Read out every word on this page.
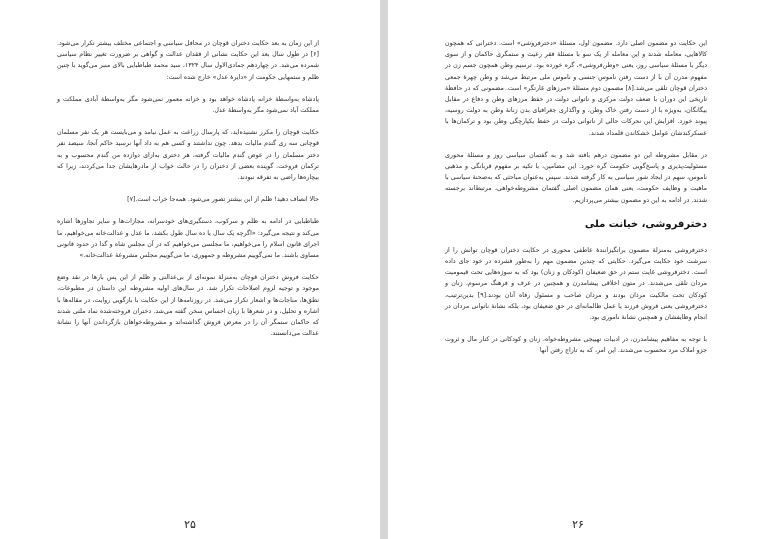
از این زمان به بعد حکایت دختران قوچان در محافل سیاسی و اجتماعی مختلف بیشتر تکرار می‌شود.[۶] در طول سال بعد این حکایت نشانی از فقدان عدالت و گواهی بر ضرورت تغییر نظام سیاسی شمرده می‌شد. در چهاردهم جمادی‌الاول سال ۱۳۲۴، سید محمد طباطبایی بالای منبر می‌گوید با چنین ظلم و ستمهایی حکومت از «دایرهٔ عدل» خارج شده است:

پادشاه به‌واسطهٔ خزانه پادشاه خواهد بود و خزانه معمور نمی‌شود مگر به‌واسطهٔ آبادی مملکت و مملکت آباد نمی‌شود مگر به‌واسطهٔ عدل.

حکایت قوچان را مکرر نشنیده‌اید، که پارسال زراعت به عمل نیامد و می‌بایست هر یک نفر مسلمان قوچانی سه ری گندم مالیات بدهد. چون نداشتند و کسی هم به داد آنها نرسید حاکم آنجا، سیصد نفر دختر مسلمان را در عوض گندم مالیات گرفته، هر دختری به‌ازای دوازده من گندم محسوب و به ترکمان فروخت. گوینده بعضی از دختران را در حالت خواب از مادرهایشان جدا می‌کردند، زیرا که بیچاره‌ها راضی به تفرقه نبودند.

حالا انصاف دهید! ظلم از این بیشتر تصور می‌شود. همه‌جا خراب است.[۷]

طباطبایی در ادامه به ظلم و سرکوب، دستگیری‌های خودسرانه، مجازات‌ها و سایر تجاوزها اشاره می‌کند و نتیجه می‌گیرد: «اگرچه یک سال یا ده سال طول بکشد، ما عدل و عدالت‌خانه می‌خواهیم، ما اجرای قانون اسلام را می‌خواهیم، ما مجلسی می‌خواهیم که در آن مجلس شاه و گدا در حدود قانونی مساوی باشند. ما نمی‌گوییم مشروطه و جمهوری، ما می‌گوییم مجلس مشروعهٔ عدالت‌خانه.»

حکایت فروش دختران قوچان به‌منزلهٔ نمونه‌ای از بی‌عدالتی و ظلم از این پس بارها در نقد وضع موجود و توجیه لزوم اصلاحات تکرار شد. در سال‌های اولیه مشروطه این داستان در مطبوعات، نطق‌ها، مناجات‌ها و اشعار تکرار می‌شد. در روزنامه‌ها از این حکایت با بازگویی روایت، در مقاله‌ها با اشاره و تحلیل، و در شعرها با زبان احساس سخن گفته می‌شد. دختران فروخته‌شده نماد ملتی شدند که حاکمان ستمگر آن را در معرض فروش گذاشته‌اند و مشروطه‌خواهان بازگرداندن آنها را نشانهٔ عدالت می‌دانستند.

۲۵

این حکایت دو مضمون اصلی دارد. مضمون اول، مسئلهٔ «دخترفروشی» است. دخترانی که همچون کالاهایی، معامله شدند و این معامله از یک سو با مسئلهٔ فقر رعیت و ستمگری حاکمان و از سوی دیگر با مسئلهٔ سیاسی روز، یعنی «وطن‌فروشی»، گره خورده بود. ترسیم وطن همچون جسم زن در مفهوم مدرن آن با از دست رفتن ناموس جنسی و ناموس ملی مرتبط می‌شد و وطن چهرهٔ جمعی دختران قوچان تلقی می‌شد.[۸] مضمون دوم مسئلهٔ «مرزهای غارتگر» است. مضمونی که در حافظهٔ تاریخی این دوران با ضعف دولت مرکزی و ناتوانی دولت در حفظ مرزهای وطن و دفاع در مقابل بیگانگان، به‌ویژه با از دست رفتن خاک وطن، و واگذاری جغرافیای بدن زنانهٔ وطن به دولت روسیه، پیوند خورد. افزایش این نحرکات حالی از ناتوانی دولت در حفظ یکپارچگی وطن بود و ترکمان‌ها با عسکرکندشان عوامل خشکاندن قلمداد شدند.

در مقابل مشروطه این دو مضمون درهم بافته شد و به گفتمان سیاسی روز و مسئلهٔ محوری مسئولیت‌پذیری و پاسخ‌گویی حکومت گره خورد. این مضامین، با تکیه بر مفهوم قربانگی و مذهبی ناموس، سهم در ایجاد شور سیاسی به کار گرفته شدند. سپس به‌عنوان مباحثی که به‌صحنهٔ سیاسی با ماهیت و وظایف حکومت، یعنی همان مضمون اصلی گفتمان مشروطه‌خواهی، مرتبط‌اند برجسته شدند. در ادامه به این دو مضمون بیشتر می‌پردازیم.

دخترفروشی، خیانت ملی

دخترفروشی به‌منزلهٔ مضمون برانگیزانندهٔ عاطفی محوری در حکایت دختران قوچان توانش را از سرشت خود حکایت می‌گیرد. حکایتی که چندین مضمون مهم را به‌طور فشرده در خود جای داده است. دخترفروشی غایت ستم در حق ضعیفان (کودکان و زنان) بود که به سوژه‌هایی تحت قیمومیت مردان تلقی می‌شدند. در متون اخلاقی پیشامدرن و همچنین در عرف و فرهنگ مرسوم، زنان و کودکان تحت مالکیت مردان بودند و مردان صاحب و مسئول رفاه آنان بودند.[۹] بدین‌ترتیب، دخترفروشی یعنی فروش فرزند یا عمل ظالمانه‌ای در حق ضعیفان بود، بلکه نشانهٔ ناتوانی مردان در انجام وظایفشان و همچنین نشانهٔ ناموری بود.

با توجه به مفاهیم پیشامدرن، در ادبیات تهییجی مشروطه‌خواه، زنان و کودکانی در کنار مال و ثروت جزو املاک مرد محسوب می‌شدند. این امر، که به تاراج رفتن آنها

۲۶
